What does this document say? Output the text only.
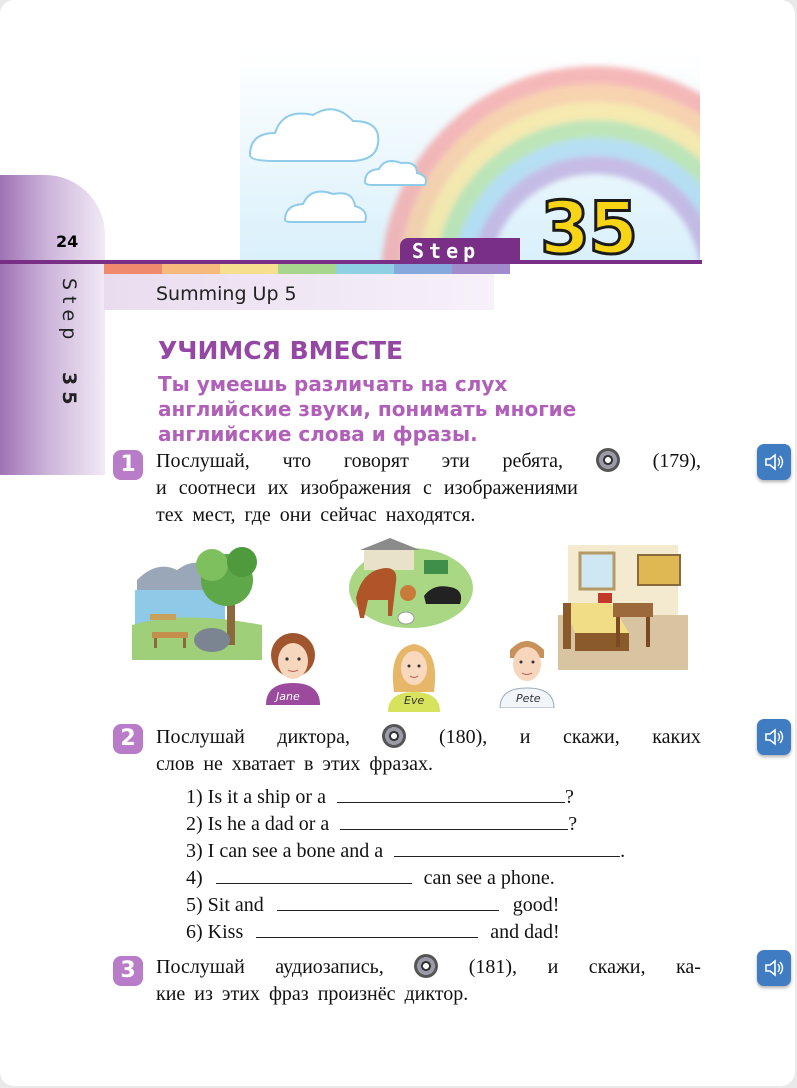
24
Summing Up 5
Step 35
Step 35
УЧИМСЯ ВМЕСТЕ
Ты умеешь различать на слух
английские звуки, понимать многие
английские слова и фразы.
1	Послушай, что говорят эти ребята,	(179),
и соотнеси их изображения с изображениями
тех мест, где они сейчас находятся.
Jane	Eve	Pete
2	Послушай диктора,	(180), и скажи, каких
слов не хватает в этих фразах.
1) Is it a ship or a	?
2) Is he a dad or a	?
3) I can see a bone and a	.
4)	can see a phone.
5) Sit and	good!
6) Kiss	and dad!
3	Послушай аудиозапись,	(181), и скажи, ка-
кие из этих фраз произнёс диктор.
